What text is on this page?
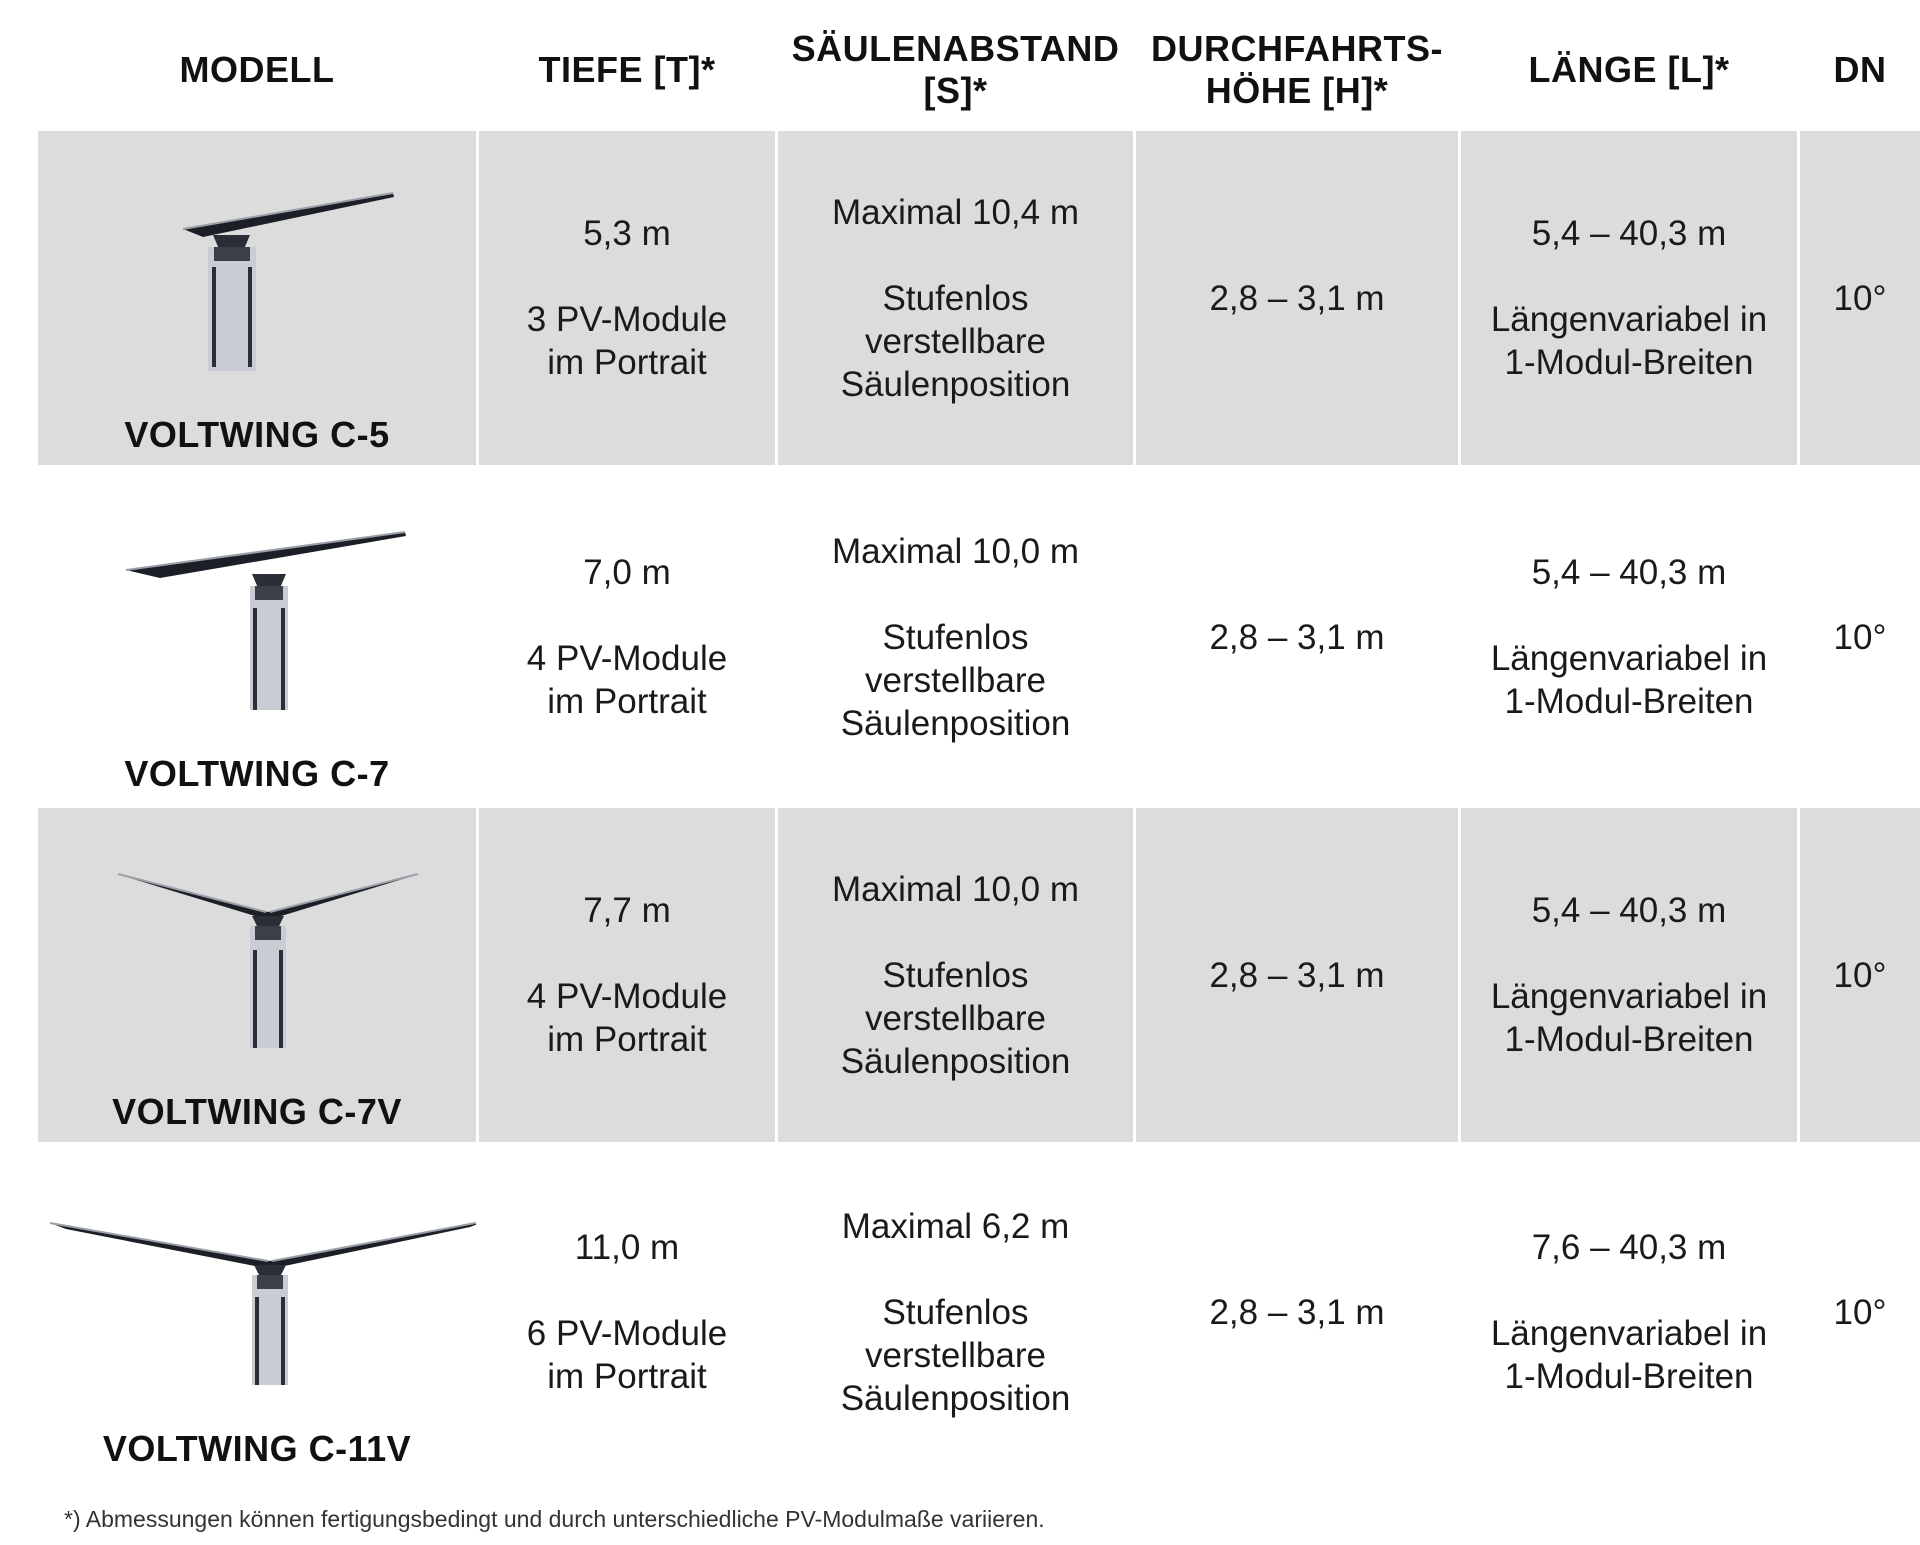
MODELL	TIEFE [T]*
SÄULENABSTAND
[S]*
DURCHFAHRTS-
HÖHE [H]*
LÄNGE [L]*	DN
VOLTWING C-5
5,3 m
3 PV-Module
im Portrait
Maximal 10,4 m
Stufenlos
verstellbare
Säulenposition
2,8 – 3,1 m
5,4 – 40,3 m
Längenvariabel in
1-Modul-Breiten
10°
VOLTWING C-7
7,0 m
4 PV-Module
im Portrait
Maximal 10,0 m
Stufenlos
verstellbare
Säulenposition
2,8 – 3,1 m
5,4 – 40,3 m
Längenvariabel in
1-Modul-Breiten
10°
VOLTWING C-7V
7,7 m
4 PV-Module
im Portrait
Maximal 10,0 m
Stufenlos
verstellbare
Säulenposition
2,8 – 3,1 m
5,4 – 40,3 m
Längenvariabel in
1-Modul-Breiten
10°
VOLTWING C-11V
11,0 m
6 PV-Module
im Portrait
Maximal 6,2 m
Stufenlos
verstellbare
Säulenposition
2,8 – 3,1 m
7,6 – 40,3 m
Längenvariabel in
1-Modul-Breiten
10°
*) Abmessungen können fertigungsbedingt und durch unterschiedliche PV-Modulmaße variieren.
